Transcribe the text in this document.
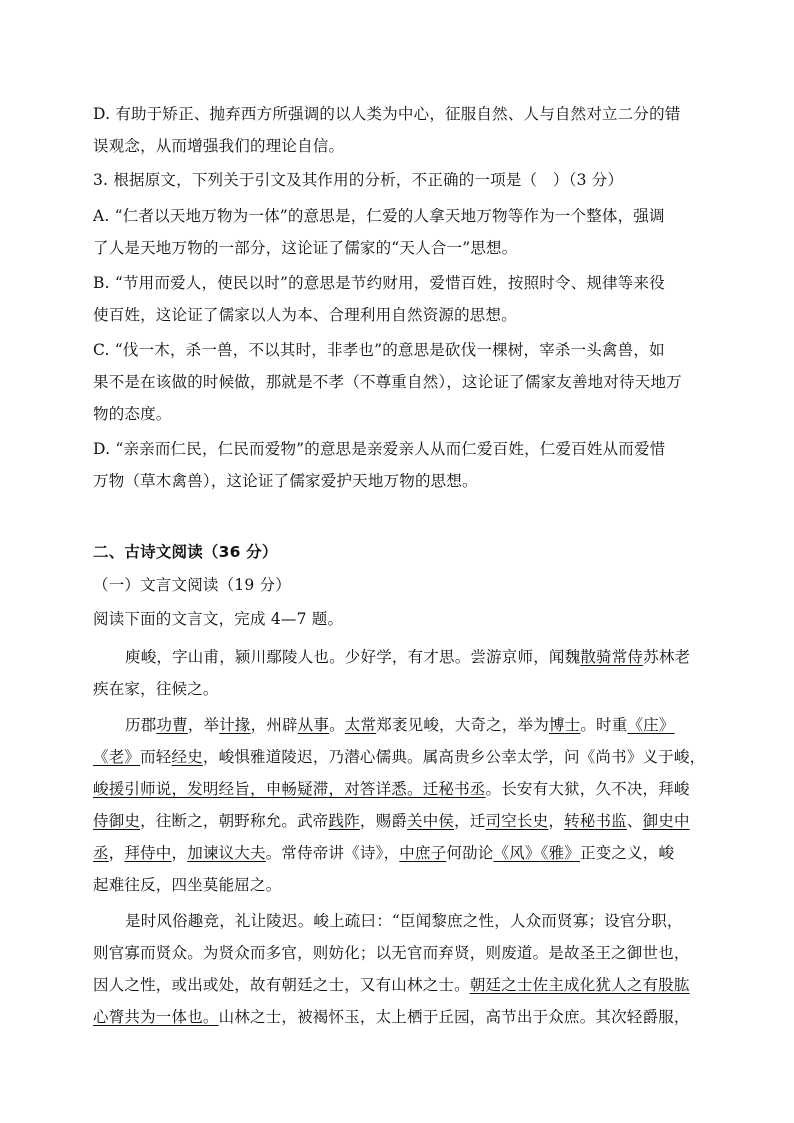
D. 有助于矫正、抛弃西方所强调的以人类为中心，征服自然、人与自然对立二分的错
误观念，从而增强我们的理论自信。
3. 根据原文，下列关于引文及其作用的分析，不正确的一项是（　）（3 分）
A. “仁者以天地万物为一体”的意思是，仁爱的人拿天地万物等作为一个整体，强调
了人是天地万物的一部分，这论证了儒家的“天人合一”思想。
B. “节用而爱人，使民以时”的意思是节约财用，爱惜百姓，按照时令、规律等来役
使百姓，这论证了儒家以人为本、合理利用自然资源的思想。
C. “伐一木，杀一兽，不以其时，非孝也”的意思是砍伐一棵树，宰杀一头禽兽，如
果不是在该做的时候做，那就是不孝（不尊重自然），这论证了儒家友善地对待天地万
物的态度。
D. “亲亲而仁民，仁民而爱物”的意思是亲爱亲人从而仁爱百姓，仁爱百姓从而爱惜
万物（草木禽兽），这论证了儒家爱护天地万物的思想。
二、古诗文阅读（36 分）
（一）文言文阅读（19 分）
阅读下面的文言文，完成 4—7 题。
庾峻，字山甫，颍川鄢陵人也。少好学，有才思。尝游京师，闻魏散骑常侍苏林老
疾在家，往候之。
历郡功曹，举计掾，州辟从事。太常郑袤见峻，大奇之，举为博士。时重《庄》
《老》而轻经史，峻惧雅道陵迟，乃潜心儒典。属高贵乡公幸太学，问《尚书》义于峻，
峻援引师说，发明经旨，申畅疑滞，对答详悉。迁秘书丞。长安有大狱，久不决，拜峻
侍御史，往断之，朝野称允。武帝践阼，赐爵关中侯，迁司空长史，转秘书监、御史中
丞，拜侍中，加谏议大夫。常侍帝讲《诗》，中庶子何劭论《风》《雅》正变之义，峻
起难往反，四坐莫能屈之。
是时风俗趣竞，礼让陵迟。峻上疏曰：“臣闻黎庶之性，人众而贤寡；设官分职，
则官寡而贤众。为贤众而多官，则妨化；以无官而弃贤，则废道。是故圣王之御世也，
因人之性，或出或处，故有朝廷之士，又有山林之士。朝廷之士佐主成化犹人之有股肱
心膂共为一体也。山林之士，被褐怀玉，太上栖于丘园，高节出于众庶。其次轻爵服，
